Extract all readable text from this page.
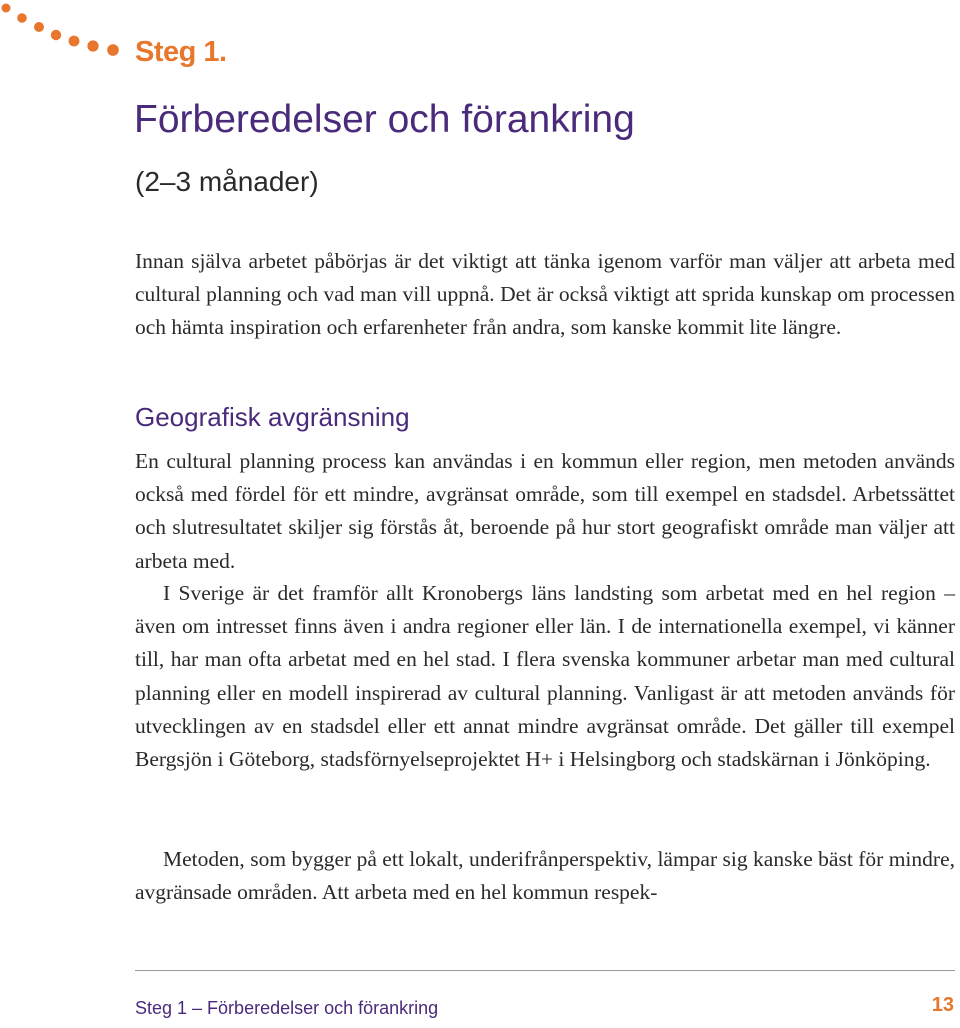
Steg 1.
Förberedelser och förankring

(2–3 månader)

Innan själva arbetet påbörjas är det viktigt att tänka igenom varför man väljer att arbeta med cultural planning och vad man vill uppnå. Det är också viktigt att sprida kunskap om processen och hämta inspiration och erfarenheter från andra, som kanske kommit lite längre.

Geografisk avgränsning

En cultural planning process kan användas i en kommun eller region, men metoden används också med fördel för ett mindre, avgränsat område, som till exempel en stadsdel. Arbetssättet och slutresultatet skiljer sig förstås åt, beroende på hur stort geografiskt område man väljer att arbeta med.

I Sverige är det framför allt Kronobergs läns landsting som arbetat med en hel region – även om intresset finns även i andra regioner eller län. I de internationella exempel, vi känner till, har man ofta arbetat med en hel stad. I flera svenska kommuner arbetar man med cultural planning eller en modell inspirerad av cultural planning. Vanligast är att metoden används för utvecklingen av en stadsdel eller ett annat mindre avgränsat område. Det gäller till exempel Bergsjön i Göteborg, stadsförnyelseprojektet H+ i Helsingborg och stadskärnan i Jönköping.

Metoden, som bygger på ett lokalt, underifrånperspektiv, lämpar sig kanske bäst för mindre, avgränsade områden. Att arbeta med en hel kommun respek-

Steg 1 – Förberedelser och förankring	13
